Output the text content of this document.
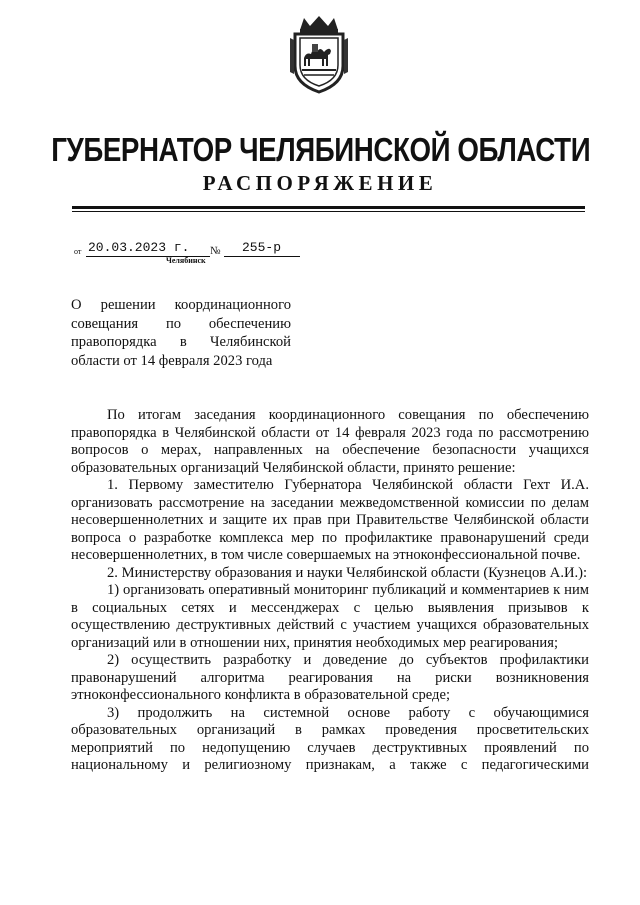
ГУБЕРНАТОР ЧЕЛЯБИНСКОЙ ОБЛАСТИ
РАСПОРЯЖЕНИЕ
от 20.03.2023 г. № 255-р
Челябинск
О решении координационного совещания по обеспечению правопорядка в Челябинской области от 14 февраля 2023 года

По итогам заседания координационного совещания по обеспечению правопорядка в Челябинской области от 14 февраля 2023 года по рассмотрению вопросов о мерах, направленных на обеспечение безопасности учащихся образовательных организаций Челябинской области, принято решение:

1. Первому заместителю Губернатора Челябинской области Гехт И.А. организовать рассмотрение на заседании межведомственной комиссии по делам несовершеннолетних и защите их прав при Правительстве Челябинской области вопроса о разработке комплекса мер по профилактике правонарушений среди несовершеннолетних, в том числе совершаемых на этноконфессиональной почве.

2. Министерству образования и науки Челябинской области (Кузнецов А.И.):

1) организовать оперативный мониторинг публикаций и комментариев к ним в социальных сетях и мессенджерах с целью выявления призывов к осуществлению деструктивных действий с участием учащихся образовательных организаций или в отношении них, принятия необходимых мер реагирования;

2) осуществить разработку и доведение до субъектов профилактики правонарушений алгоритма реагирования на риски возникновения этноконфессионального конфликта в образовательной среде;

3) продолжить на системной основе работу с обучающимися образовательных организаций в рамках проведения просветительских мероприятий по недопущению случаев деструктивных проявлений по национальному и религиозному признакам, а также с педагогическими
